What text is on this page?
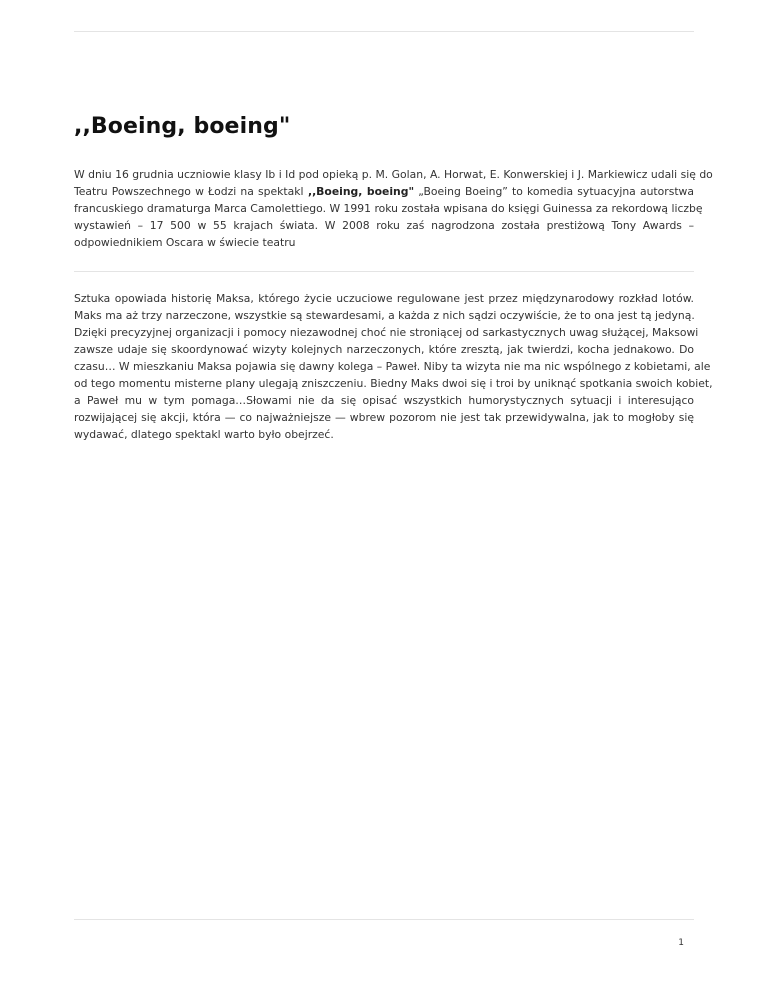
,,Boeing, boeing"
W dniu 16 grudnia uczniowie klasy Ib i Id pod opieką p. M. Golan, A. Horwat, E. Konwerskiej i J. Markiewicz udali się do
Teatru Powszechnego w Łodzi na spektakl ,,Boeing, boeing" „Boeing Boeing” to komedia sytuacyjna autorstwa
francuskiego dramaturga Marca Camolettiego. W 1991 roku została wpisana do księgi Guinessa za rekordową liczbę
wystawień – 17 500 w 55 krajach świata. W 2008 roku zaś nagrodzona została prestiżową Tony Awards –
odpowiednikiem Oscara w świecie teatru
Sztuka opowiada historię Maksa, którego życie uczuciowe regulowane jest przez międzynarodowy rozkład lotów.
Maks ma aż trzy narzeczone, wszystkie są stewardesami, a każda z nich sądzi oczywiście, że to ona jest tą jedyną.
Dzięki precyzyjnej organizacji i pomocy niezawodnej choć nie stroniącej od sarkastycznych uwag służącej, Maksowi
zawsze udaje się skoordynować wizyty kolejnych narzeczonych, które zresztą, jak twierdzi, kocha jednakowo. Do
czasu… W mieszkaniu Maksa pojawia się dawny kolega – Paweł. Niby ta wizyta nie ma nic wspólnego z kobietami, ale
od tego momentu misterne plany ulegają zniszczeniu. Biedny Maks dwoi się i troi by uniknąć spotkania swoich kobiet,
a Paweł mu w tym pomaga…Słowami nie da się opisać wszystkich humorystycznych sytuacji i interesująco
rozwijającej się akcji, która — co najważniejsze — wbrew pozorom nie jest tak przewidywalna, jak to mogłoby się
wydawać, dlatego spektakl warto było obejrzeć.
1
